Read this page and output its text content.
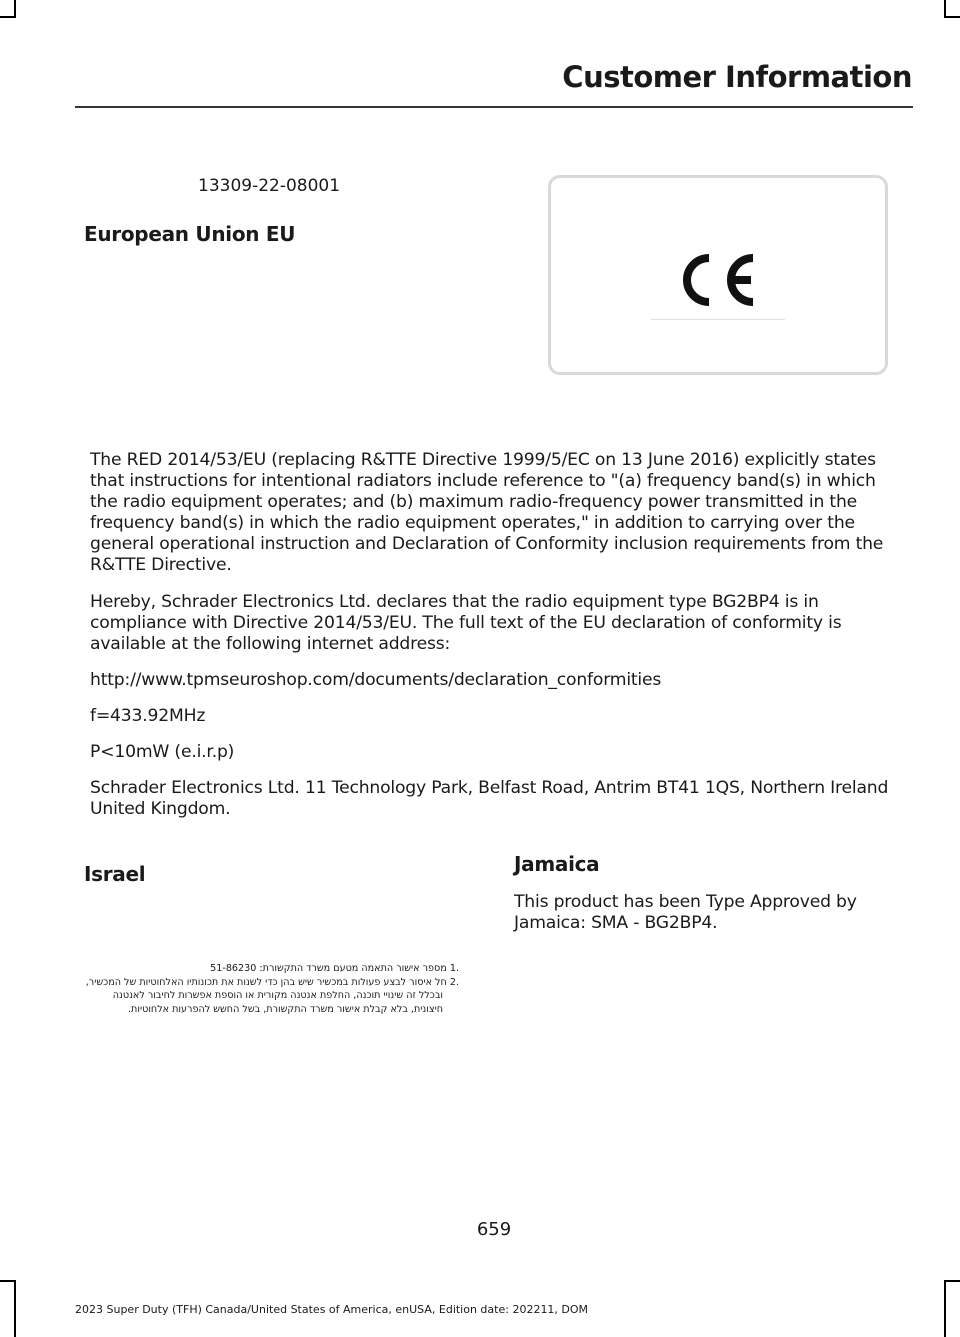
Customer Information
13309-22-08001
European Union EU

The RED 2014/53/EU (replacing R&TTE Directive 1999/5/EC on 13 June 2016) explicitly states that instructions for intentional radiators include reference to "(a) frequency band(s) in which the radio equipment operates; and (b) maximum radio-frequency power transmitted in the frequency band(s) in which the radio equipment operates," in addition to carrying over the general operational instruction and Declaration of Conformity inclusion requirements from the R&TTE Directive.

Hereby, Schrader Electronics Ltd. declares that the radio equipment type BG2BP4 is in compliance with Directive 2014/53/EU. The full text of the EU declaration of conformity is available at the following internet address:

http://www.tpmseuroshop.com/documents/declaration_conformities

f=433.92MHz

P<10mW (e.i.r.p)

Schrader Electronics Ltd. 11 Technology Park, Belfast Road, Antrim BT41 1QS, Northern Ireland United Kingdom.

Israel

.1 מספר אישור התאמה מטעם משרד התקשורת: 51-86230

.2 חל איסור לבצע פעולות במכשיר שיש בהן כדי לשנות את תכונותיו האלחוטיות של המכשיר,

ובכלל זה שינויי תוכנה, החלפת אנטנה מקורית או הוספת אפשרות לחיבור לאנטנה

חיצונית, בלא קבלת אישור משרד התקשורת, בשל החשש להפרעות אלחוטיות.

Jamaica

This product has been Type Approved by Jamaica: SMA - BG2BP4.

659
2023 Super Duty (TFH) Canada/United States of America, enUSA, Edition date: 202211, DOM
